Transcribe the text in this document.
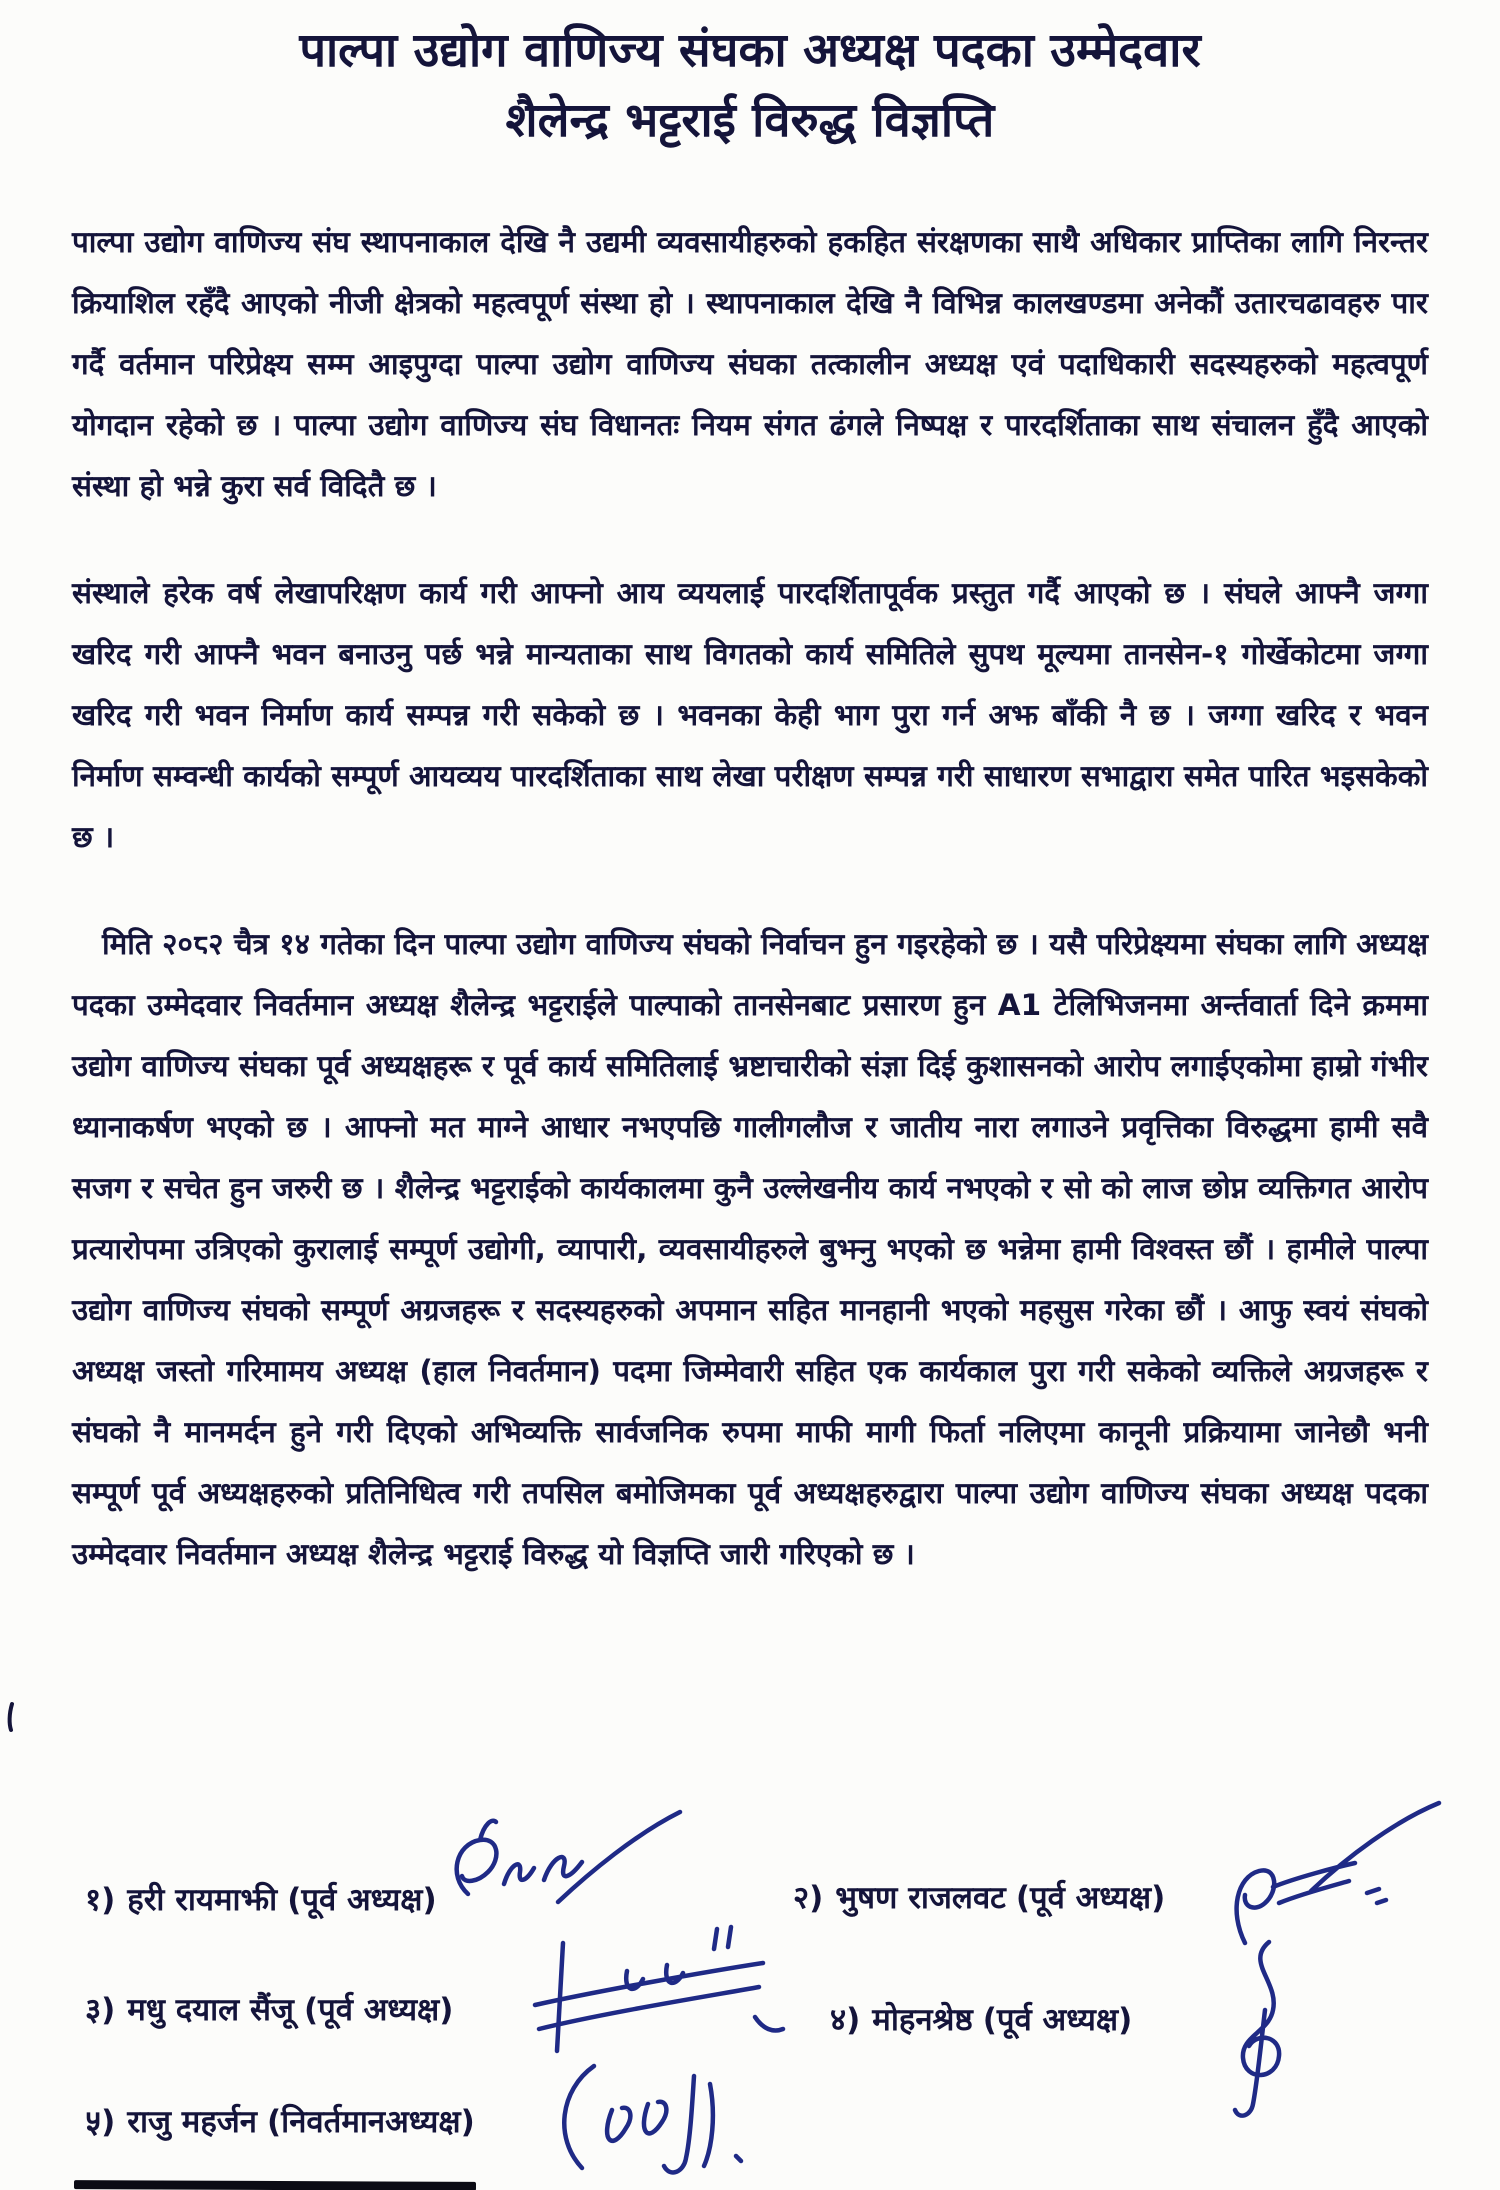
पाल्पा उद्योग वाणिज्य संघका अध्यक्ष पदका उम्मेदवार
शैलेन्द्र भट्टराई विरुद्ध विज्ञप्ति

पाल्पा उद्योग वाणिज्य संघ स्थापनाकाल देखि नै उद्यमी व्यवसायीहरुको हकहित संरक्षणका साथै अधिकार प्राप्तिका लागि निरन्तर क्रियाशिल रहँदै आएको नीजी क्षेत्रको महत्वपूर्ण संस्था हो । स्थापनाकाल देखि नै विभिन्न कालखण्डमा अनेकौं उतारचढावहरु पार गर्दै वर्तमान परिप्रेक्ष्य सम्म आइपुग्दा पाल्पा उद्योग वाणिज्य संघका तत्कालीन अध्यक्ष एवं पदाधिकारी सदस्यहरुको महत्वपूर्ण योगदान रहेको छ । पाल्पा उद्योग वाणिज्य संघ विधानतः नियम संगत ढंगले निष्पक्ष र पारदर्शिताका साथ संचालन हुँदै आएको संस्था हो भन्ने कुरा सर्व विदितै छ ।

संस्थाले हरेक वर्ष लेखापरिक्षण कार्य गरी आफ्नो आय व्ययलाई पारदर्शितापूर्वक प्रस्तुत गर्दै आएको छ । संघले आफ्नै जग्गा खरिद गरी आफ्नै भवन बनाउनु पर्छ भन्ने मान्यताका साथ विगतको कार्य समितिले सुपथ मूल्यमा तानसेन-१ गोर्खेकोटमा जग्गा खरिद गरी भवन निर्माण कार्य सम्पन्न गरी सकेको छ । भवनका केही भाग पुरा गर्न अझ बाँकी नै छ । जग्गा खरिद र भवन निर्माण सम्वन्धी कार्यको सम्पूर्ण आयव्यय पारदर्शिताका साथ लेखा परीक्षण सम्पन्न गरी साधारण सभाद्वारा समेत पारित भइसकेको छ ।

मिति २०८२ चैत्र १४ गतेका दिन पाल्पा उद्योग वाणिज्य संघको निर्वाचन हुन गइरहेको छ । यसै परिप्रेक्ष्यमा संघका लागि अध्यक्ष पदका उम्मेदवार निवर्तमान अध्यक्ष शैलेन्द्र भट्टराईले पाल्पाको तानसेनबाट प्रसारण हुन A1 टेलिभिजनमा अर्न्तवार्ता दिने क्रममा उद्योग वाणिज्य संघका पूर्व अध्यक्षहरू र पूर्व कार्य समितिलाई भ्रष्टाचारीको संज्ञा दिई कुशासनको आरोप लगाईएकोमा हाम्रो गंभीर ध्यानाकर्षण भएको छ । आफ्नो मत माग्ने आधार नभएपछि गालीगलौज र जातीय नारा लगाउने प्रवृत्तिका विरुद्धमा हामी सवै सजग र सचेत हुन जरुरी छ । शैलेन्द्र भट्टराईको कार्यकालमा कुनै उल्लेखनीय कार्य नभएको र सो को लाज छोप्न व्यक्तिगत आरोप प्रत्यारोपमा उत्रिएको कुरालाई सम्पूर्ण उद्योगी, व्यापारी, व्यवसायीहरुले बुझ्नु भएको छ भन्नेमा हामी विश्वस्त छौं । हामीले पाल्पा उद्योग वाणिज्य संघको सम्पूर्ण अग्रजहरू र सदस्यहरुको अपमान सहित मानहानी भएको महसुस गरेका छौं । आफु स्वयं संघको अध्यक्ष जस्तो गरिमामय अध्यक्ष (हाल निवर्तमान) पदमा जिम्मेवारी सहित एक कार्यकाल पुरा गरी सकेको व्यक्तिले अग्रजहरू र संघको नै मानमर्दन हुने गरी दिएको अभिव्यक्ति सार्वजनिक रुपमा माफी मागी फिर्ता नलिएमा कानूनी प्रक्रियामा जानेछौ भनी सम्पूर्ण पूर्व अध्यक्षहरुको प्रतिनिधित्व गरी तपसिल बमोजिमका पूर्व अध्यक्षहरुद्वारा पाल्पा उद्योग वाणिज्य संघका अध्यक्ष पदका उम्मेदवार निवर्तमान अध्यक्ष शैलेन्द्र भट्टराई विरुद्ध यो विज्ञप्ति जारी गरिएको छ ।

१) हरी रायमाझी (पूर्व अध्यक्ष)	२) भुषण राजलवट (पूर्व अध्यक्ष)
३) मधु दयाल सैंजू (पूर्व अध्यक्ष)	४) मोहनश्रेष्ठ (पूर्व अध्यक्ष)
५) राजु महर्जन (निवर्तमानअध्यक्ष)
